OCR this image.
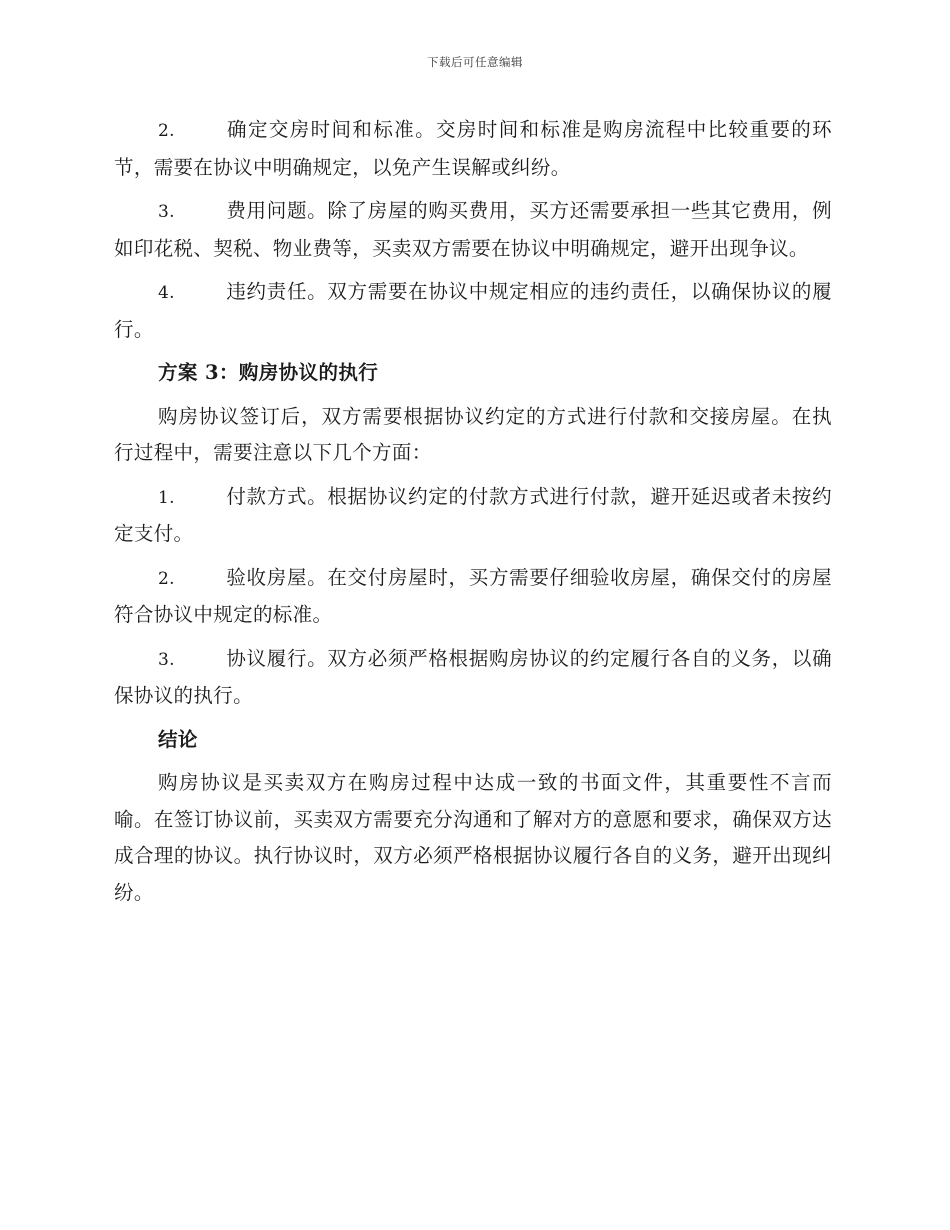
下载后可任意编辑
2.	确定交房时间和标准。交房时间和标准是购房流程中比较重要的环节，需要在协议中明确规定，以免产生误解或纠纷。
3.	费用问题。除了房屋的购买费用，买方还需要承担一些其它费用，例如印花税、契税、物业费等，买卖双方需要在协议中明确规定，避开出现争议。
4.	违约责任。双方需要在协议中规定相应的违约责任，以确保协议的履行。
方案 3：购房协议的执行
购房协议签订后，双方需要根据协议约定的方式进行付款和交接房屋。在执行过程中，需要注意以下几个方面：
1.	付款方式。根据协议约定的付款方式进行付款，避开延迟或者未按约定支付。
2.	验收房屋。在交付房屋时，买方需要仔细验收房屋，确保交付的房屋符合协议中规定的标准。
3.	协议履行。双方必须严格根据购房协议的约定履行各自的义务，以确保协议的执行。
结论
购房协议是买卖双方在购房过程中达成一致的书面文件，其重要性不言而喻。在签订协议前，买卖双方需要充分沟通和了解对方的意愿和要求，确保双方达成合理的协议。执行协议时，双方必须严格根据协议履行各自的义务，避开出现纠纷。
